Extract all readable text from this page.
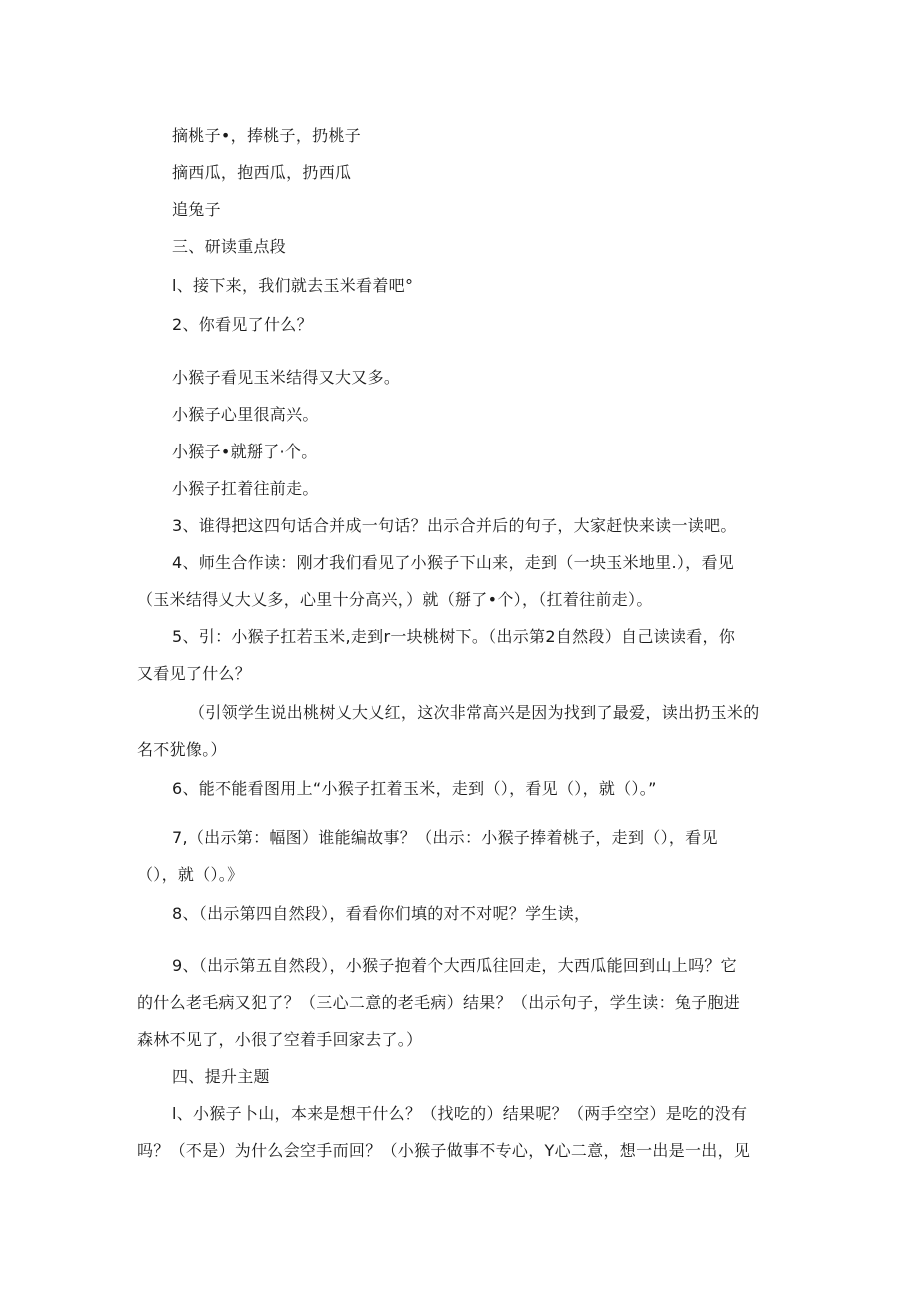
摘桃子•，捧桃子，扔桃子

摘西瓜，抱西瓜，扔西瓜

追兔子

三、研读重点段

l、接下来，我们就去玉米看着吧°

2、你看见了什么？

小猴子看见玉米结得又大又多。

小猴子心里很高兴。

小猴子•就掰了·个。

小猴子扛着往前走。

3、谁得把这四句话合并成一句话？出示合并后的句子，大家赶快来读一读吧。

4、师生合作读：刚才我们看见了小猴子下山来，走到（一块玉米地里.），看见

（玉米结得乂大乂多，心里十分高兴，）就（掰了•个），（扛着往前走）。

5、引：小猴子扛若玉米,走到r一块桃树下。（出示第2自然段）自己读读看，你

又看见了什么？

（引领学生说出桃树乂大乂红，这次非常高兴是因为找到了最爱，读出扔玉米的

名不犹像。）

6、能不能看图用上“小猴子扛着玉米，走到（），看见（），就（）。”

7,（出示第：幅图）谁能编故事？（出示：小猴子捧着桃子，走到（），看见

（），就（）。》

8、（出示第四自然段），看看你们填的对不对呢？学生读，

9、（出示第五自然段），小猴子抱着个大西瓜往回走，大西瓜能回到山上吗？它

的什么老毛病又犯了？（三心二意的老毛病）结果？（出示句子，学生读：兔子胞进

森林不见了，小很了空着手回家去了。）

四、提升主题

l、小猴子卜山，本来是想干什么？（找吃的）结果呢？（两手空空）是吃的没有

吗？（不是）为什么会空手而回？（小猴子做事不专心，Y心二意，想一出是一出，见
